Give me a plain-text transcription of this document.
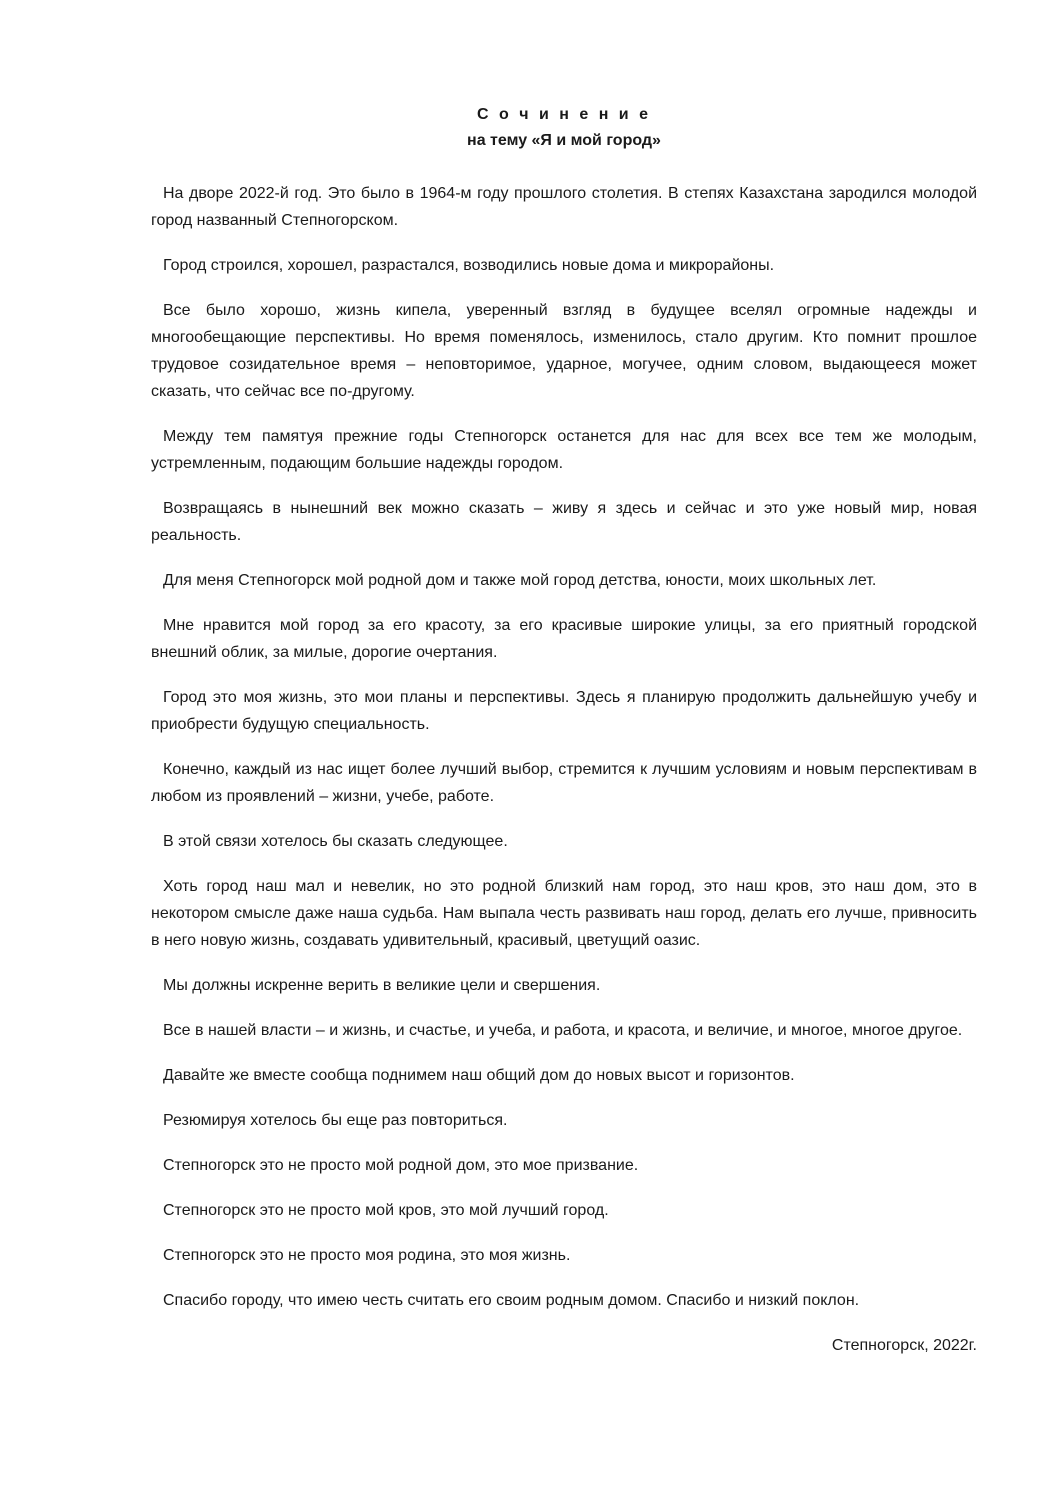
С о ч и н е н и е
на тему «Я и мой город»

На дворе 2022-й год. Это было в 1964-м году прошлого столетия. В степях Казахстана зародился молодой город названный Степногорском.

Город строился, хорошел, разрастался, возводились новые дома и микрорайоны.

Все было хорошо, жизнь кипела, уверенный взгляд в будущее вселял огромные надежды и многообещающие перспективы. Но время поменялось, изменилось, стало другим. Кто помнит прошлое трудовое созидательное время – неповторимое, ударное, могучее, одним словом, выдающееся может сказать, что сейчас все по-другому.

Между тем памятуя прежние годы Степногорск останется для нас для всех все тем же молодым, устремленным, подающим большие надежды городом.

Возвращаясь в нынешний век можно сказать – живу я здесь и сейчас и это уже новый мир, новая реальность.

Для меня Степногорск мой родной дом и также мой город детства, юности, моих школьных лет.

Мне нравится мой город за его красоту, за его красивые широкие улицы, за его приятный городской внешний облик, за милые, дорогие очертания.

Город это моя жизнь, это мои планы и перспективы. Здесь я планирую продолжить дальнейшую учебу и приобрести будущую специальность.

Конечно, каждый из нас ищет более лучший выбор, стремится к лучшим условиям и новым перспективам в любом из проявлений – жизни, учебе, работе.

В этой связи хотелось бы сказать следующее.

Хоть город наш мал и невелик, но это родной близкий нам город, это наш кров, это наш дом, это в некотором смысле даже наша судьба. Нам выпала честь развивать наш город, делать его лучше, привносить в него новую жизнь, создавать удивительный, красивый, цветущий оазис.

Мы должны искренне верить в великие цели и свершения.

Все в нашей власти – и жизнь, и счастье, и учеба, и работа, и красота, и величие, и многое, многое другое.

Давайте же вместе сообща поднимем наш общий дом до новых высот и горизонтов.

Резюмируя хотелось бы еще раз повториться.

Степногорск это не просто мой родной дом, это мое призвание.

Степногорск это не просто мой кров, это мой лучший город.

Степногорск это не просто моя родина, это моя жизнь.

Спасибо городу, что имею честь считать его своим родным домом. Спасибо и низкий поклон.

Степногорск, 2022г.
